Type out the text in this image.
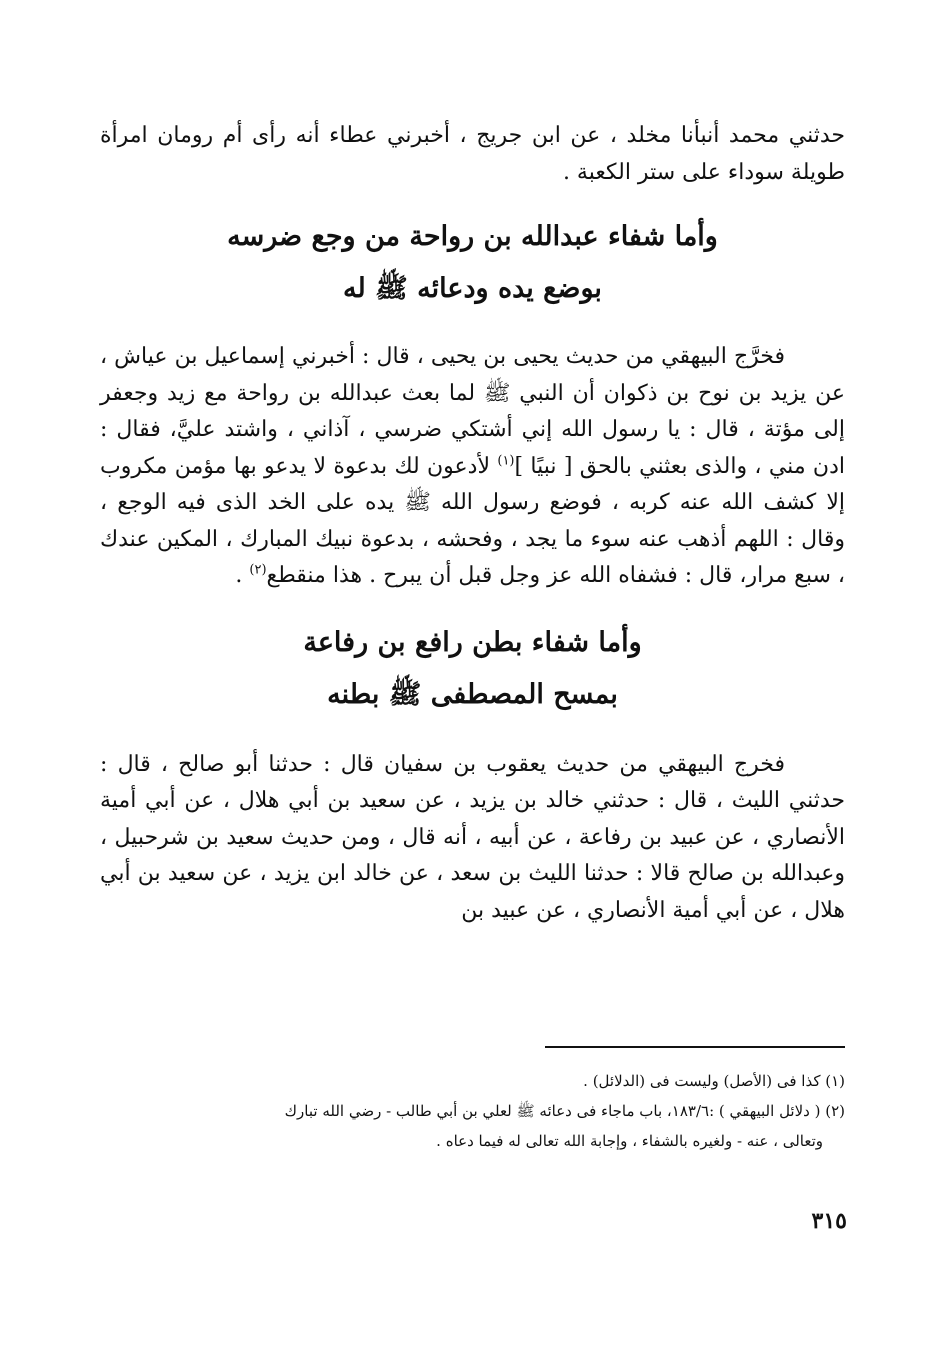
حدثني محمد أنبأنا مخلد ، عن ابن جريج ، أخبرني عطاء أنه رأى أم رومان امرأة طويلة سوداء على ستر الكعبة .

وأما شفاء عبدالله بن رواحة من وجع ضرسه

بوضع يده ودعائه ﷺ له

فخرَّج البيهقي من حديث يحيى بن يحيى ، قال : أخبرني إسماعيل بن عياش ، عن يزيد بن نوح بن ذكوان أن النبي ﷺ لما بعث عبدالله بن رواحة مع زيد وجعفر إلى مؤتة ، قال : يا رسول الله إني أشتكي ضرسي ، آذاني ، واشتد عليَّ، فقال : ادن مني ، والذى بعثني بالحق [ نبيًا ]$^{(١)}$ لأدعون لك بدعوة لا يدعو بها مؤمن مكروب إلا كشف الله عنه كربه ، فوضع رسول الله ﷺ يده على الخد الذى فيه الوجع ، وقال : اللهم أذهب عنه سوء ما يجد ، وفحشه ، بدعوة نبيك المبارك ، المكين عندك ، سبع مرار، قال : فشفاه الله عز وجل قبل أن يبرح . هذا منقطع$^{(٢)}$ .

وأما شفاء بطن رافع بن رفاعة

بمسح المصطفى ﷺ بطنه

فخرج البيهقي من حديث يعقوب بن سفيان قال : حدثنا أبو صالح ، قال : حدثني الليث ، قال : حدثني خالد بن يزيد ، عن سعيد بن أبي هلال ، عن أبي أمية الأنصاري ، عن عبيد بن رفاعة ، عن أبيه ، أنه قال ، ومن حديث سعيد بن شرحبيل ، وعبدالله بن صالح قالا : حدثنا الليث بن سعد ، عن خالد ابن يزيد ، عن سعيد بن أبي هلال ، عن أبي أمية الأنصاري ، عن عبيد بن

(١) كذا فى (الأصل) وليست فى (الدلائل) .

(٢) ( دلائل البيهقي ) :١٨٣/٦، باب ماجاء فى دعائه ﷺ لعلي بن أبي طالب - رضي الله تبارك

وتعالى ، عنه - ولغيره بالشفاء ، وإجابة الله تعالى له فيما دعاه .

٣١٥
